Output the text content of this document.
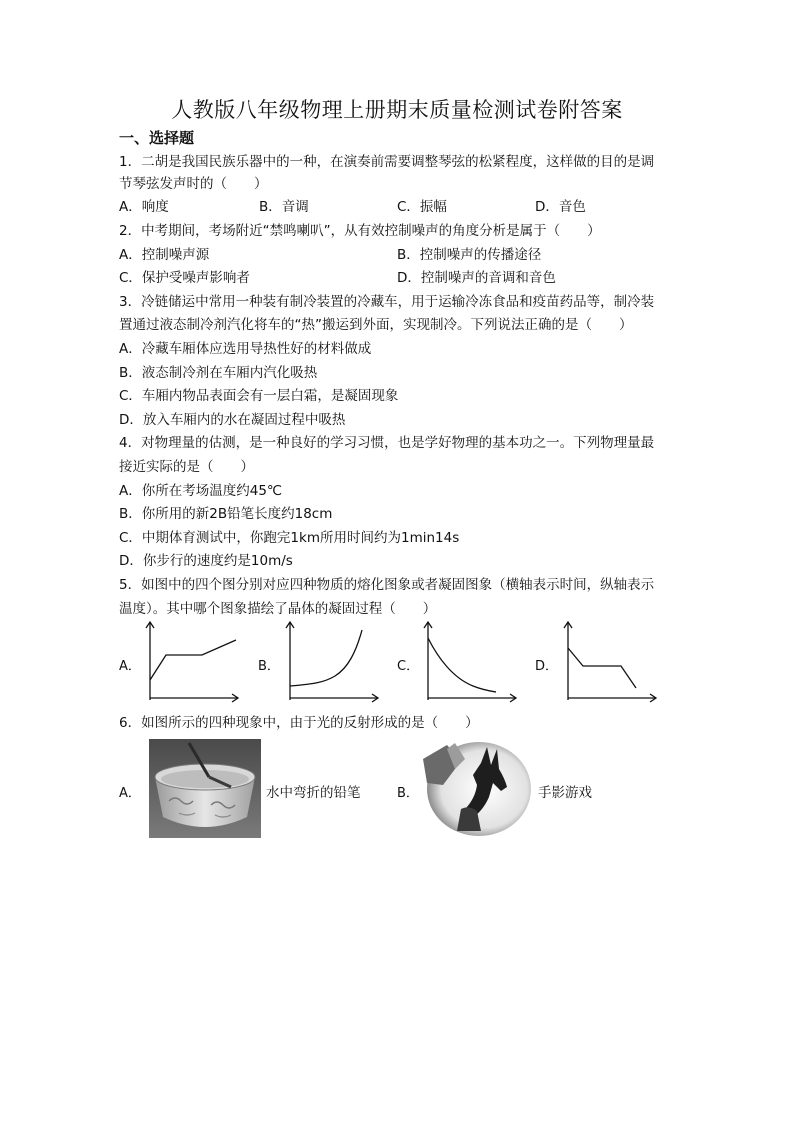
人教版八年级物理上册期末质量检测试卷附答案
一、选择题
1．二胡是我国民族乐器中的一种，在演奏前需要调整琴弦的松紧程度，这样做的目的是调
节琴弦发声时的（　　）
A．响度	B．音调	C．振幅	D．音色
2．中考期间，考场附近“禁鸣喇叭”，从有效控制噪声的角度分析是属于（　　）
A．控制噪声源	B．控制噪声的传播途径
C．保护受噪声影响者	D．控制噪声的音调和音色
3．冷链储运中常用一种装有制冷装置的冷藏车，用于运输冷冻食品和疫苗药品等，制冷装
置通过液态制冷剂汽化将车的“热”搬运到外面，实现制冷。下列说法正确的是（　　）
A．冷藏车厢体应选用导热性好的材料做成
B．液态制冷剂在车厢内汽化吸热
C．车厢内物品表面会有一层白霜，是凝固现象
D．放入车厢内的水在凝固过程中吸热
4．对物理量的估测，是一种良好的学习习惯，也是学好物理的基本功之一。下列物理量最
接近实际的是（　　）
A．你所在考场温度约45℃
B．你所用的新2B铅笔长度约18cm
C．中期体育测试中，你跑完1km所用时间约为1min14s
D．你步行的速度约是10m/s
5．如图中的四个图分别对应四种物质的熔化图象或者凝固图象（横轴表示时间，纵轴表示
温度）。其中哪个图象描绘了晶体的凝固过程（　　）
A．	B．	C．	D．
6．如图所示的四种现象中，由于光的反射形成的是（　　）
A．	水中弯折的铅笔	B．	手影游戏
